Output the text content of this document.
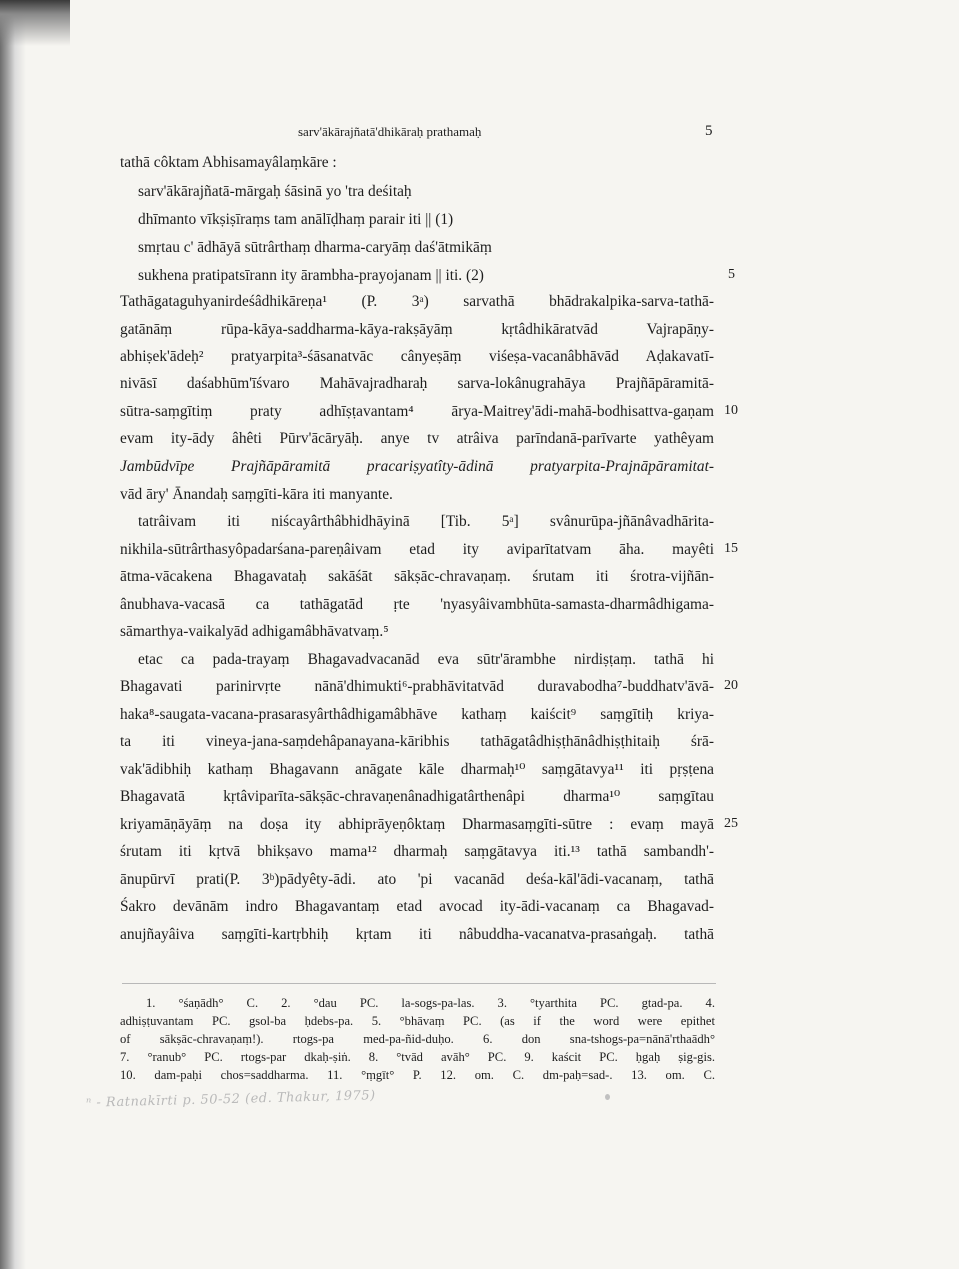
sarv'ākārajñatā'dhikāraḥ prathamaḥ	5
tathā côktam Abhisamayâlaṃkāre :
sarv'ākārajñatā-mārgaḥ śāsinā yo 'tra deśitaḥ
dhīmanto vīkṣiṣīraṃs tam anālīḍhaṃ parair iti || (1)
smṛtau c' ādhāyā sūtrârthaṃ dharma-caryāṃ daś'ātmikāṃ
sukhena pratipatsīrann ity ārambha-prayojanam || iti. (2)
Tathāgataguhyanirdeśâdhikāreṇa¹ (P. 3ᵃ) sarvathā bhādrakalpika-sarva-tathā-
gatānāṃ rūpa-kāya-saddharma-kāya-rakṣāyāṃ kṛtâdhikāratvād Vajrapāṇy-
abhiṣek'ādeḥ² pratyarpita³-śāsanatvāc cânyeṣāṃ viśeṣa-vacanâbhāvād Aḍakavatī-
nivāsī daśabhūm'īśvaro Mahāvajradharaḥ sarva-lokânugrahāya Prajñāpāramitā-
sūtra-saṃgītiṃ praty adhīṣṭavantam⁴ ārya-Maitrey'ādi-mahā-bodhisattva-gaṇam
evam ity-ādy âhêti Pūrv'ācāryāḥ. anye tv atrâiva parīndanā-parīvarte yathêyam
Jambūdvīpe Prajñāpāramitā pracariṣyatîty-ādinā pratyarpita-Prajnāpāramitat-
vād āry' Ānandaḥ saṃgīti-kāra iti manyante.
tatrâivam iti niścayârthâbhidhāyinā [Tib. 5ᵃ] svânurūpa-jñānâvadhārita-
nikhila-sūtrârthasyôpadarśana-pareṇâivam etad ity aviparītatvam āha. mayêti
ātma-vācakena Bhagavataḥ sakāśāt sākṣāc-chravaṇaṃ. śrutam iti śrotra-vijñān-
ânubhava-vacasā ca tathāgatād ṛte 'nyasyâivambhūta-samasta-dharmâdhigama-
sāmarthya-vaikalyād adhigamâbhāvatvaṃ.⁵
etac ca pada-trayaṃ Bhagavadvacanād eva sūtr'ārambhe nirdiṣṭaṃ. tathā hi
Bhagavati parinirvṛte nānā'dhimukti⁶-prabhāvitatvād duravabodha⁷-buddhatv'āvā-
haka⁸-saugata-vacana-prasarasyârthâdhigamâbhāve kathaṃ kaiścit⁹ saṃgītiḥ kriya-
ta iti vineya-jana-saṃdehâpanayana-kāribhis tathāgatâdhiṣṭhānâdhiṣṭhitaiḥ śrā-
vak'ādibhiḥ kathaṃ Bhagavann anāgate kāle dharmaḥ¹⁰ saṃgātavya¹¹ iti pṛṣṭena
Bhagavatā kṛtâviparīta-sākṣāc-chravaṇenânadhigatârthenâpi dharma¹⁰ saṃgītau
kriyamāṇāyāṃ na doṣa ity abhiprāyeṇôktaṃ Dharmasaṃgīti-sūtre : evaṃ mayā
śrutam iti kṛtvā bhikṣavo mama¹² dharmaḥ saṃgātavya iti.¹³ tathā sambandh'-
ānupūrvī prati(P. 3ᵇ)pādyêty-ādi. ato 'pi vacanād deśa-kāl'ādi-vacanaṃ, tathā
Śakro devānām indro Bhagavantaṃ etad avocad ity-ādi-vacanaṃ ca Bhagavad-
anujñayâiva saṃgīti-kartṛbhiḥ kṛtam iti nâbuddha-vacanatva-prasaṅgaḥ. tathā
5
10
15
20
25
1. °śaṇādh° C. 2. °dau PC. la-sogs-pa-las. 3. °tyarthita PC. gtad-pa. 4.
adhiṣṭuvantam PC. gsol-ba ḥdebs-pa. 5. °bhāvaṃ PC. (as if the word were epithet
of sākṣāc-chravaṇaṃ!). rtogs-pa med-pa-ñid-duḥo. 6. don sna-tshogs-pa=nānā'rthaādh°
7. °ranub° PC. rtogs-par dkaḥ-ṣiṅ. 8. °tvād avāh° PC. 9. kaścit PC. ḥgaḥ ṣig-gis.
10. dam-paḥi chos=saddharma. 11. °ṃgīt° P. 12. om. C. dm-paḥ=sad-. 13. om. C.
ⁿ - Ratnakīrti p. 50-52 (ed. Thakur, 1975)
